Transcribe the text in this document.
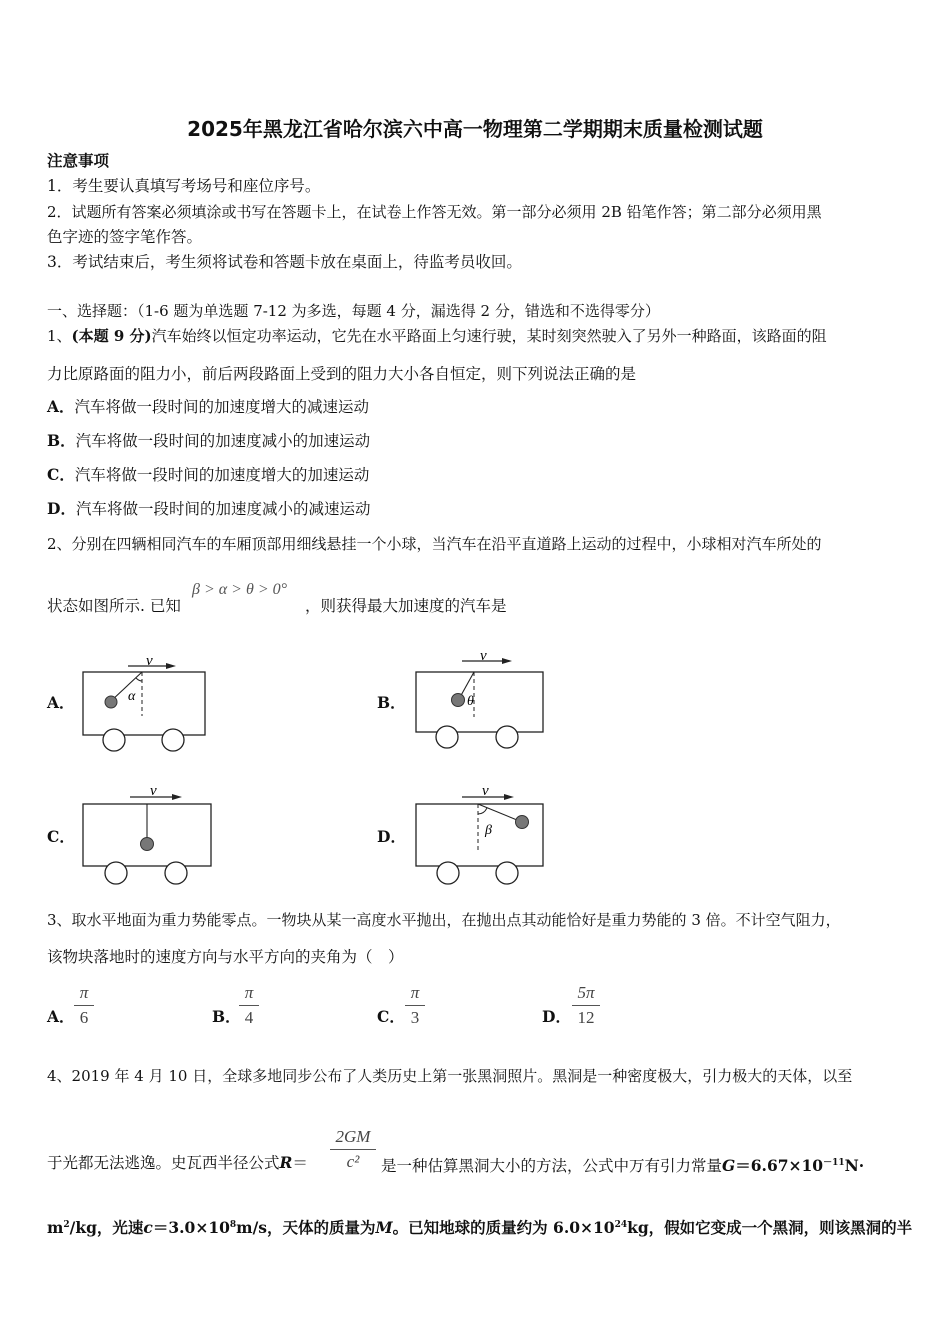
2025年黑龙江省哈尔滨六中高一物理第二学期期末质量检测试题
注意事项
1．考生要认真填写考场号和座位序号。
2．试题所有答案必须填涂或书写在答题卡上，在试卷上作答无效。第一部分必须用 2B 铅笔作答；第二部分必须用黑
色字迹的签字笔作答。
3．考试结束后，考生须将试卷和答题卡放在桌面上，待监考员收回。
一、选择题：（1-6 题为单选题 7-12 为多选，每题 4 分，漏选得 2 分，错选和不选得零分）
1、(本题 9 分)汽车始终以恒定功率运动，它先在水平路面上匀速行驶，某时刻突然驶入了另外一种路面，该路面的阻
力比原路面的阻力小，前后两段路面上受到的阻力大小各自恒定，则下列说法正确的是
A．汽车将做一段时间的加速度增大的减速运动
B．汽车将做一段时间的加速度减小的加速运动
C．汽车将做一段时间的加速度增大的加速运动
D．汽车将做一段时间的加速度减小的减速运动
2、分别在四辆相同汽车的车厢顶部用细线悬挂一个小球，当汽车在沿平直道路上运动的过程中，小球相对汽车所处的
状态如图所示. 已知
β > α > θ > 0°
，则获得最大加速度的汽车是
A．
v
α	B．
v
θ
C．
v
D．
v
β
3、取水平地面为重力势能零点。一物块从某一高度水平抛出，在抛出点其动能恰好是重力势能的 3 倍。不计空气阻力，
该物块落地时的速度方向与水平方向的夹角为（　）
A．
π
6	B．
π
4	C．
π
3	D．
5π
12
4、2019 年 4 月 10 日，全球多地同步公布了人类历史上第一张黑洞照片。黑洞是一种密度极大，引力极大的天体，以至
于光都无法逃逸。史瓦西半径公式R＝
2GM
c²	是一种估算黑洞大小的方法，公式中万有引力常量$G=6.67\times 10^{-11}N\cdot$
$m^2/kg$，光速$c=3.0\times 10^8m/s$，天体的质量为M。已知地球的质量约为 $6.0\times 10^{24}kg$，假如它变成一个黑洞，则该黑洞的半
